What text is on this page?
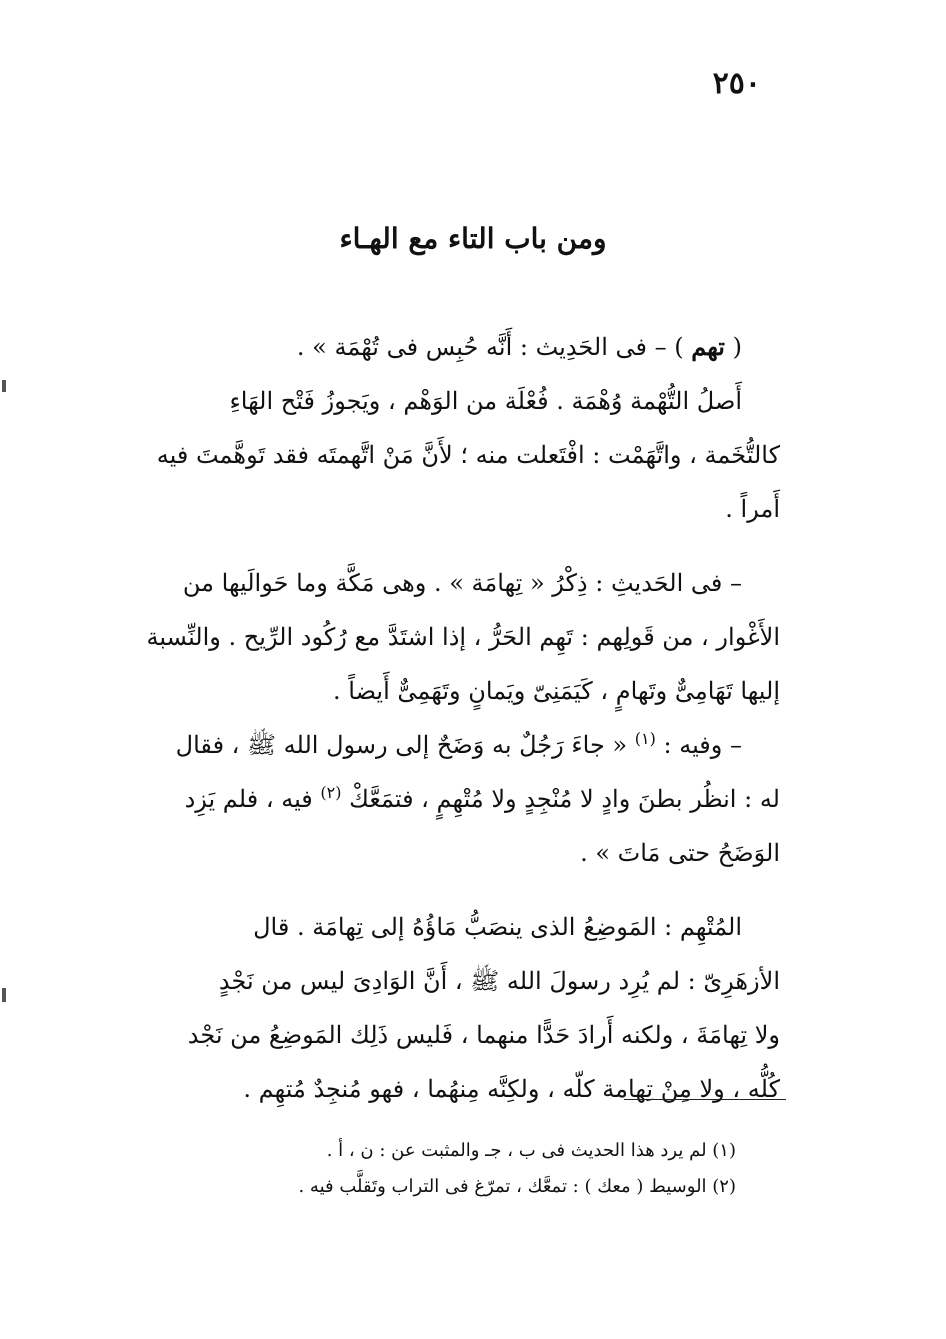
٢٥٠
ومن باب التاء مع الهـاء

( تهم ) – فى الحَدِيث : أَنَّه حُبِس فى تُهْمَة » .

أَصلُ التُّهْمة وُهْمَة . فُعْلَة من الوَهْم ، ويَجوزُ فَتْح الهَاءِ

كالتُّخَمة ، واتَّهَمْت : افْتَعلت منه ؛ لأَنَّ مَنْ اتَّهمتَه فقد تَوهَّمتَ فيه

أَمراً .

– فى الحَديثِ : ذِكْرُ « تِهامَة » . وهى مَكَّة وما حَوالَيها من

الأَغْوار ، من قَولِهم : تَهِم الحَرُّ ، إذا اشتَدَّ مع رُكُود الرِّيح . والنِّسبة

إليها تَهَامِىٌّ وتَهامٍ ، كَيَمَنِىّ ويَمانٍ وتَهَمِىٌّ أَيضاً .

– وفيه : $^{(١)}$ « جاءَ رَجُلٌ به وَضَحٌ إلى رسول الله ﷺ ، فقال

له : انظُر بطنَ وادٍ لا مُنْجِدٍ ولا مُتْهِمٍ ، فتمَعَّكْ $^{(٢)}$ فيه ، فلم يَزِد

الوَضَحُ حتى مَاتَ » .

المُتْهِم : المَوضِعُ الذى ينصَبُّ مَاؤُهُ إلى تِهامَة . قال

الأزهَرِىّ : لم يُرِد رسولَ الله ﷺ ، أَنَّ الوَادِىَ ليس من نَجْدٍ

ولا تِهامَةَ ، ولكنه أَرادَ حَدًّا منهما ، فَليس ذَلِك المَوضِعُ من نَجْد

كُلُّه ، ولا مِنْ تِهامة كلّه ، ولكِنَّه مِنهُما ، فهو مُنجِدٌ مُتهِم .

(١) لم يرد هذا الحديث فى ب ، جـ والمثبت عن : ن ، أ .

(٢) الوسيط ( معك ) : تمعَّك ، تمرّغ فى التراب وتَقلَّب فيه .
